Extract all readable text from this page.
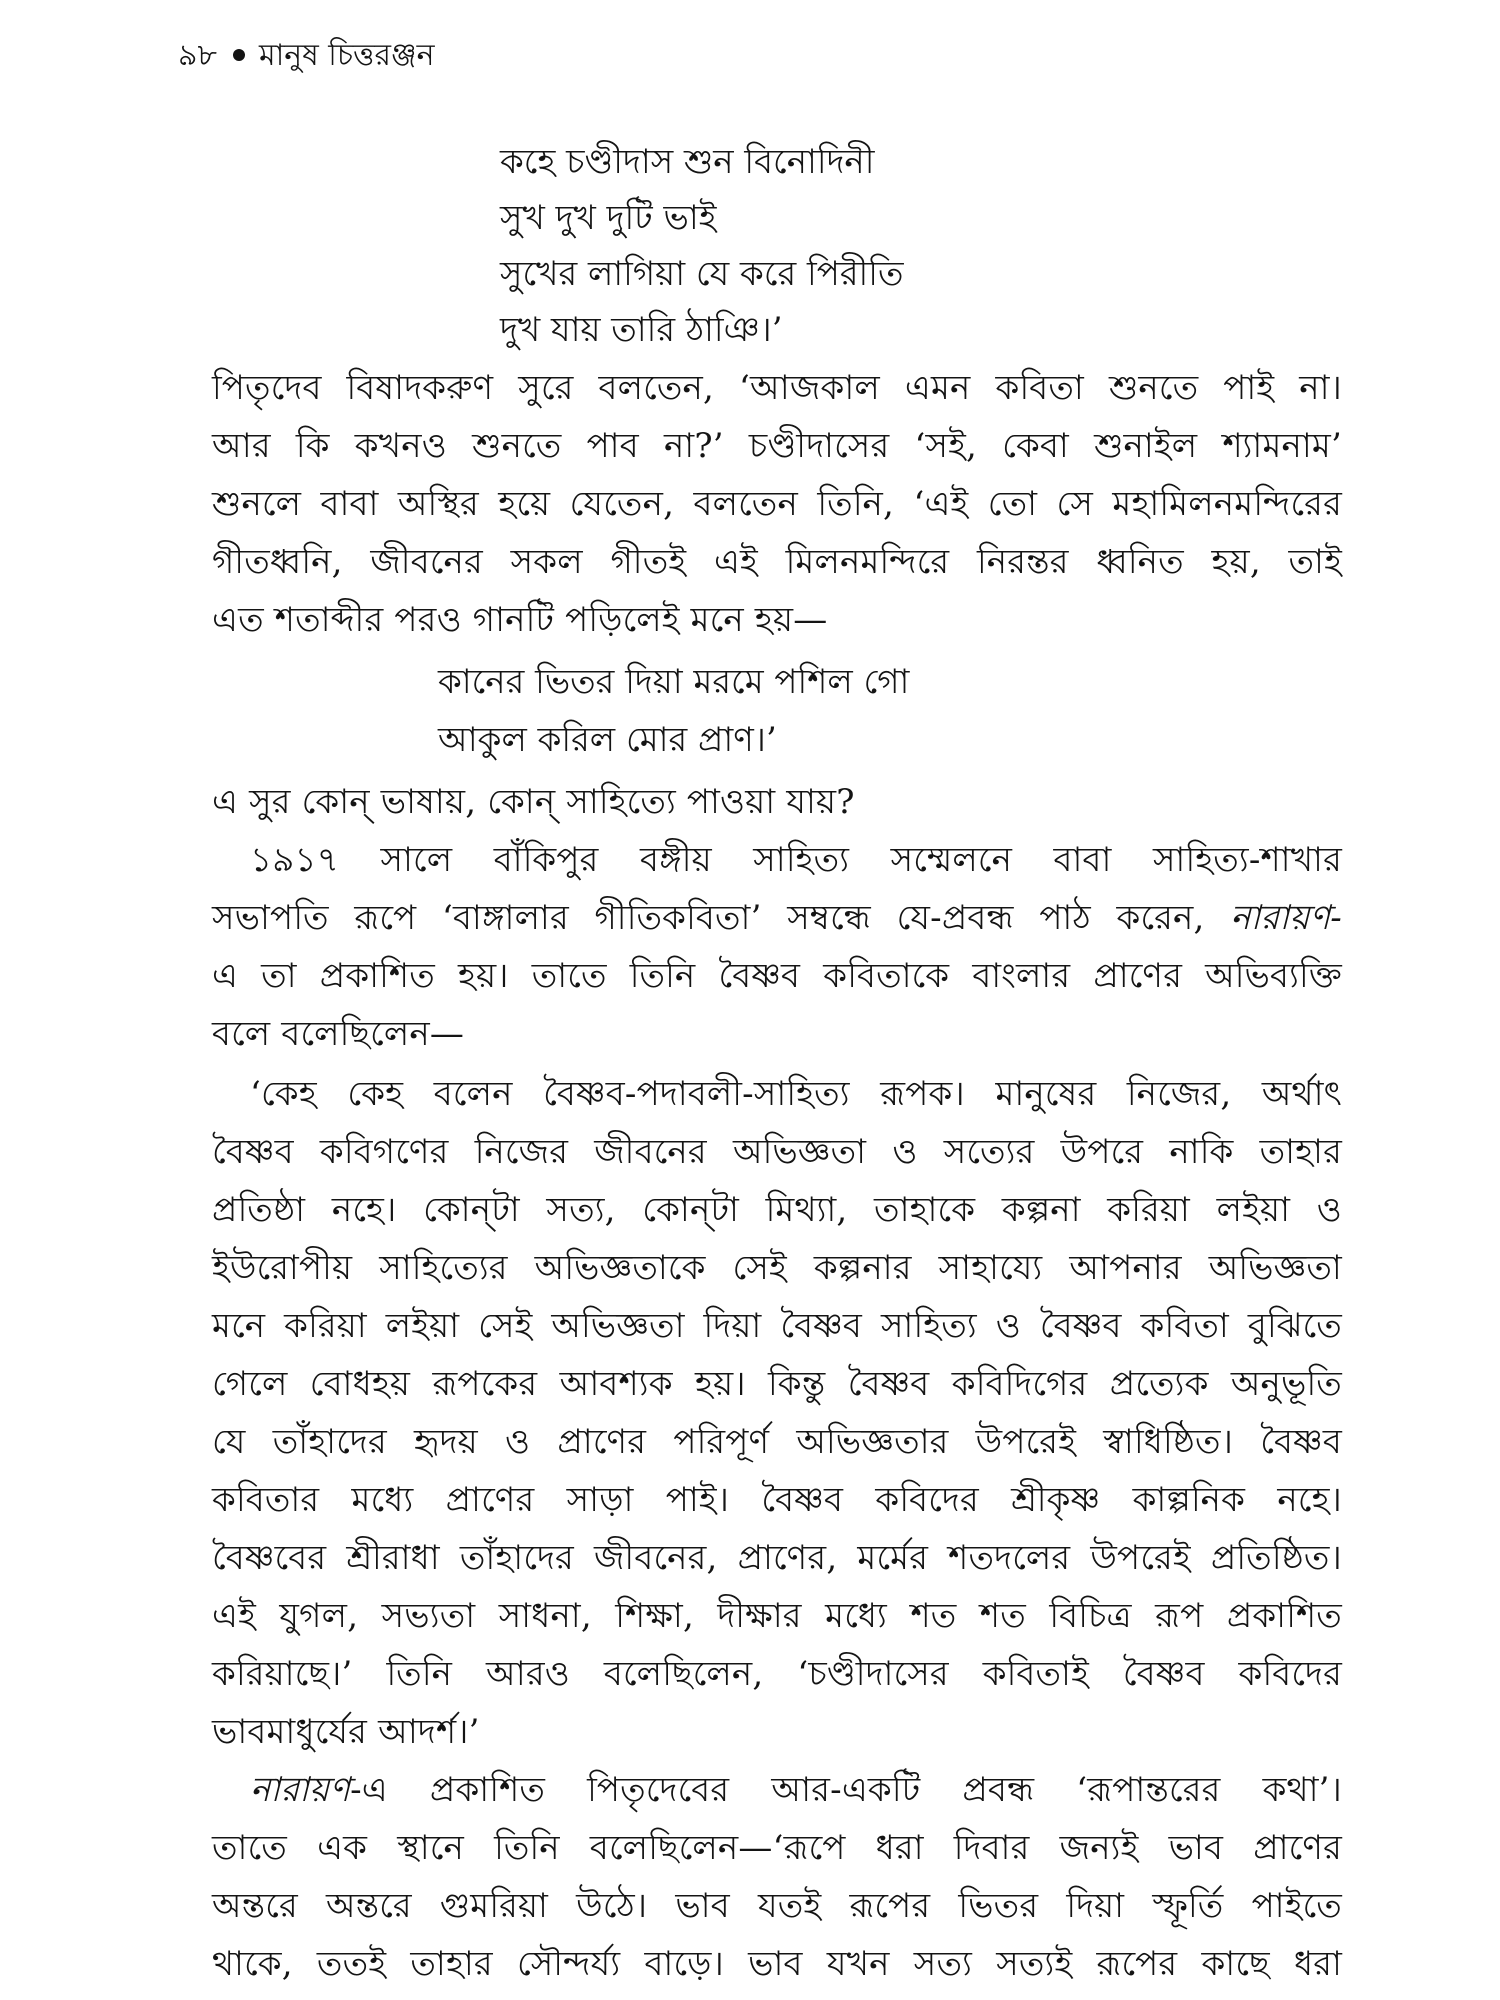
৯৮ মানুষ চিত্তরঞ্জন
কহে চণ্ডীদাস শুন বিনোদিনী
সুখ দুখ দুটি ভাই
সুখের লাগিয়া যে করে পিরীতি
দুখ যায় তারি ঠাঞি।’
পিতৃদেব বিষাদকরুণ সুরে বলতেন, ‘আজকাল এমন কবিতা শুনতে পাই না।
আর কি কখনও শুনতে পাব না?’ চণ্ডীদাসের ‘সই, কেবা শুনাইল শ্যামনাম’
শুনলে বাবা অস্থির হয়ে যেতেন, বলতেন তিনি, ‘এই তো সে মহামিলনমন্দিরের
গীতধ্বনি, জীবনের সকল গীতই এই মিলনমন্দিরে নিরন্তর ধ্বনিত হয়, তাই
এত শতাব্দীর পরও গানটি পড়িলেই মনে হয়—
কানের ভিতর দিয়া মরমে পশিল গো
আকুল করিল মোর প্রাণ।’
এ সুর কোন্‌ ভাষায়, কোন্‌ সাহিত্যে পাওয়া যায়?
১৯১৭ সালে বাঁকিপুর বঙ্গীয় সাহিত্য সম্মেলনে বাবা সাহিত্য-শাখার
সভাপতি রূপে ‘বাঙ্গালার গীতিকবিতা’ সম্বন্ধে যে-প্রবন্ধ পাঠ করেন, নারায়ণ-
এ তা প্রকাশিত হয়। তাতে তিনি বৈষ্ণব কবিতাকে বাংলার প্রাণের অভিব্যক্তি
বলে বলেছিলেন—
‘কেহ কেহ বলেন বৈষ্ণব-পদাবলী-সাহিত্য রূপক। মানুষের নিজের, অর্থাৎ
বৈষ্ণব কবিগণের নিজের জীবনের অভিজ্ঞতা ও সত্যের উপরে নাকি তাহার
প্রতিষ্ঠা নহে। কোন্‌টা সত্য, কোন্‌টা মিথ্যা, তাহাকে কল্পনা করিয়া লইয়া ও
ইউরোপীয় সাহিত্যের অভিজ্ঞতাকে সেই কল্পনার সাহায্যে আপনার অভিজ্ঞতা
মনে করিয়া লইয়া সেই অভিজ্ঞতা দিয়া বৈষ্ণব সাহিত্য ও বৈষ্ণব কবিতা বুঝিতে
গেলে বোধহয় রূপকের আবশ্যক হয়। কিন্তু বৈষ্ণব কবিদিগের প্রত্যেক অনুভূতি
যে তাঁহাদের হৃদয় ও প্রাণের পরিপূর্ণ অভিজ্ঞতার উপরেই স্বাধিষ্ঠিত। বৈষ্ণব
কবিতার মধ্যে প্রাণের সাড়া পাই। বৈষ্ণব কবিদের শ্রীকৃষ্ণ কাল্পনিক নহে।
বৈষ্ণবের শ্রীরাধা তাঁহাদের জীবনের, প্রাণের, মর্মের শতদলের উপরেই প্রতিষ্ঠিত।
এই যুগল, সভ্যতা সাধনা, শিক্ষা, দীক্ষার মধ্যে শত শত বিচিত্র রূপ প্রকাশিত
করিয়াছে।’ তিনি আরও বলেছিলেন, ‘চণ্ডীদাসের কবিতাই বৈষ্ণব কবিদের
ভাবমাধুর্যের আদর্শ।’
নারায়ণ-এ প্রকাশিত পিতৃদেবের আর-একটি প্রবন্ধ ‘রূপান্তরের কথা’।
তাতে এক স্থানে তিনি বলেছিলেন—‘রূপে ধরা দিবার জন্যই ভাব প্রাণের
অন্তরে অন্তরে গুমরিয়া উঠে। ভাব যতই রূপের ভিতর দিয়া স্ফূর্তি পাইতে
থাকে, ততই তাহার সৌন্দর্য্য বাড়ে। ভাব যখন সত্য সত্যই রূপের কাছে ধরা
